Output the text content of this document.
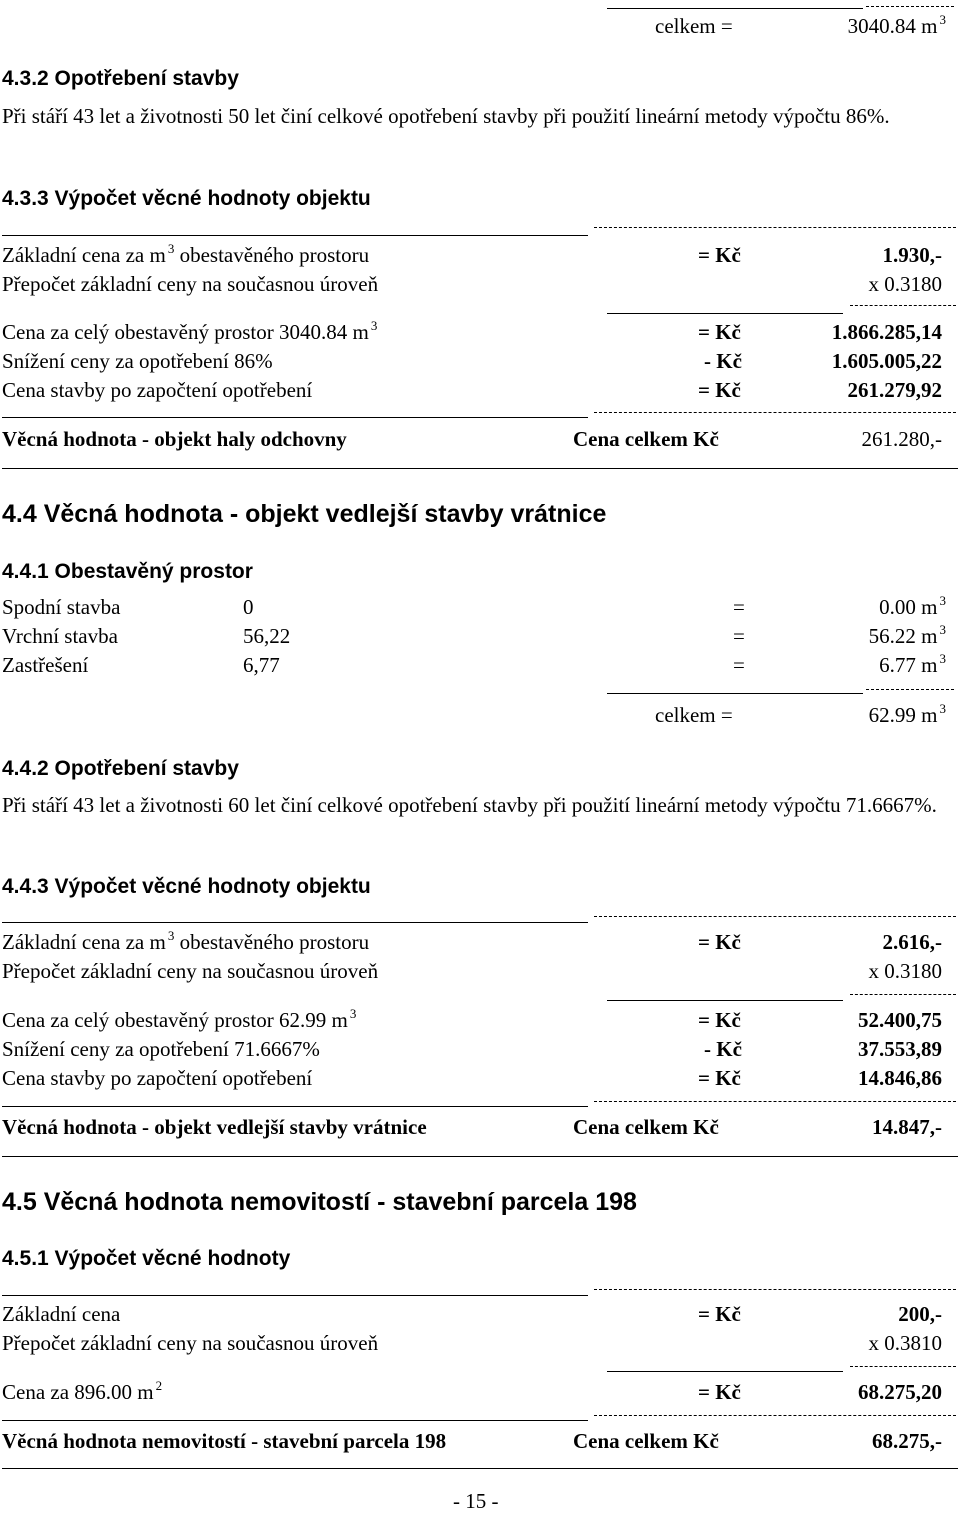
celkem =	3040.84 m $^3$
4.3.2 Opotřebení stavby
Při stáří 43 let a životnosti 50 let činí celkové opotřebení stavby při použití lineární metody výpočtu 86%.
4.3.3 Výpočet věcné hodnoty objektu
Základní cena za m $^3$ obestavěného prostoru	= Kč	1.930,-
Přepočet základní ceny na současnou úroveň	x 0.3180
Cena za celý obestavěný prostor 3040.84 m $^3$	= Kč	1.866.285,14
Snížení ceny za opotřebení 86%	- Kč	1.605.005,22
Cena stavby po započtení opotřebení	= Kč	261.279,92
Věcná hodnota - objekt haly odchovny	Cena celkem Kč	261.280,-
4.4 Věcná hodnota - objekt vedlejší stavby vrátnice
4.4.1 Obestavěný prostor
Spodní stavba	0	=	0.00 m $^3$
Vrchní stavba	56,22	=	56.22 m $^3$
Zastřešení	6,77	=	6.77 m $^3$
celkem =	62.99 m $^3$
4.4.2 Opotřebení stavby
Při stáří 43 let a životnosti 60 let činí celkové opotřebení stavby při použití lineární metody výpočtu 71.6667%.
4.4.3 Výpočet věcné hodnoty objektu
Základní cena za m $^3$ obestavěného prostoru	= Kč	2.616,-
Přepočet základní ceny na současnou úroveň	x 0.3180
Cena za celý obestavěný prostor 62.99 m $^3$	= Kč	52.400,75
Snížení ceny za opotřebení 71.6667%	- Kč	37.553,89
Cena stavby po započtení opotřebení	= Kč	14.846,86
Věcná hodnota - objekt vedlejší stavby vrátnice	Cena celkem Kč	14.847,-
4.5 Věcná hodnota nemovitostí - stavební parcela 198
4.5.1 Výpočet věcné hodnoty
Základní cena	= Kč	200,-
Přepočet základní ceny na současnou úroveň	x 0.3810
Cena za 896.00 m $^2$	= Kč	68.275,20
Věcná hodnota nemovitostí - stavební parcela 198	Cena celkem Kč	68.275,-
- 15 -
